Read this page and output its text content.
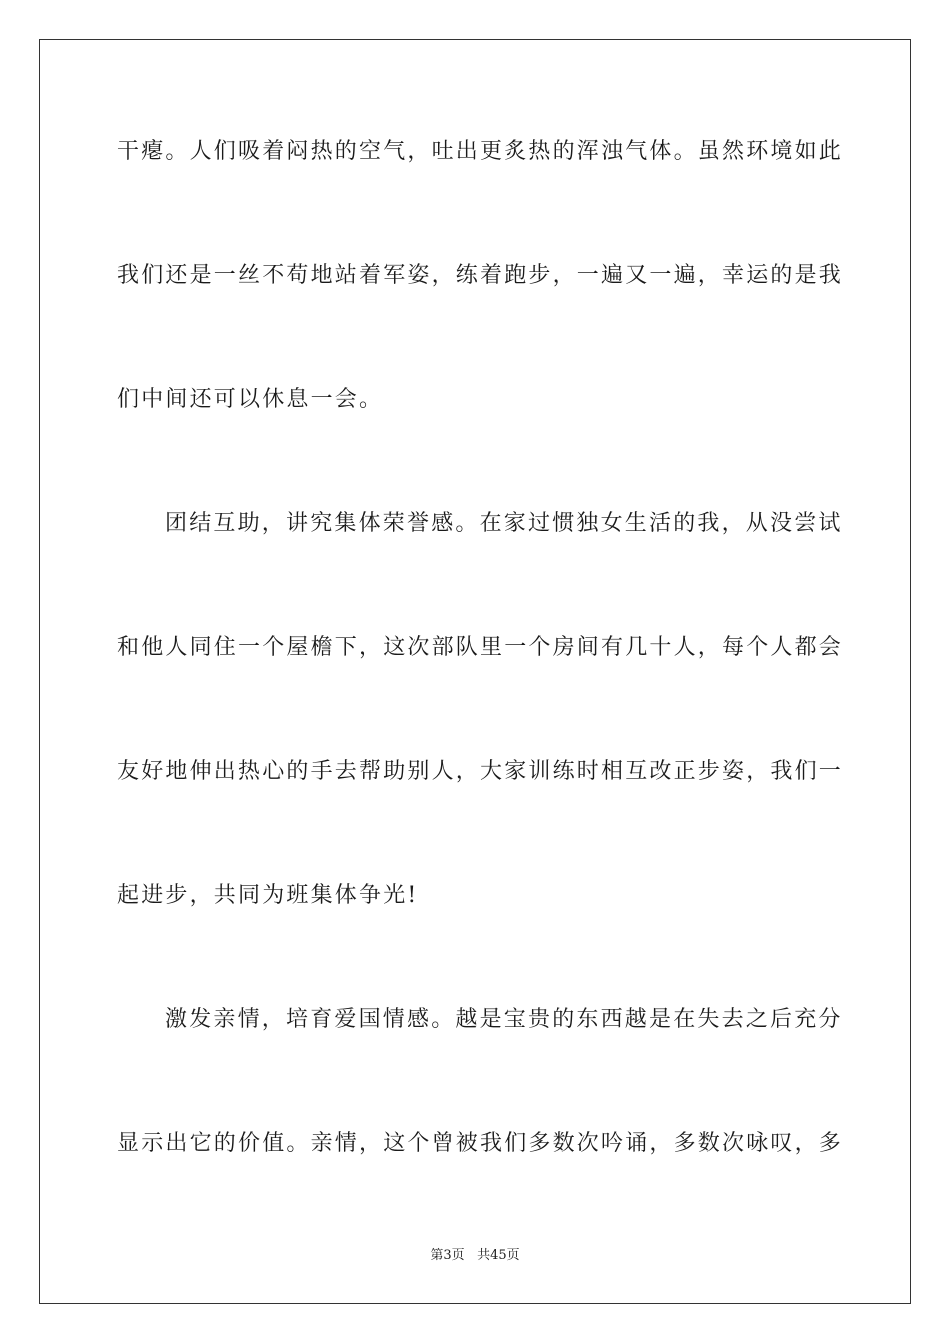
干瘪。人们吸着闷热的空气，吐出更炙热的浑浊气体。虽然环境如此
我们还是一丝不苟地站着军姿，练着跑步，一遍又一遍，幸运的是我
们中间还可以休息一会。
团结互助，讲究集体荣誉感。在家过惯独女生活的我，从没尝试
和他人同住一个屋檐下，这次部队里一个房间有几十人，每个人都会
友好地伸出热心的手去帮助别人，大家训练时相互改正步姿，我们一
起进步，共同为班集体争光!
激发亲情，培育爱国情感。越是宝贵的东西越是在失去之后充分
显示出它的价值。亲情，这个曾被我们多数次吟诵，多数次咏叹，多
第3页 共45页
